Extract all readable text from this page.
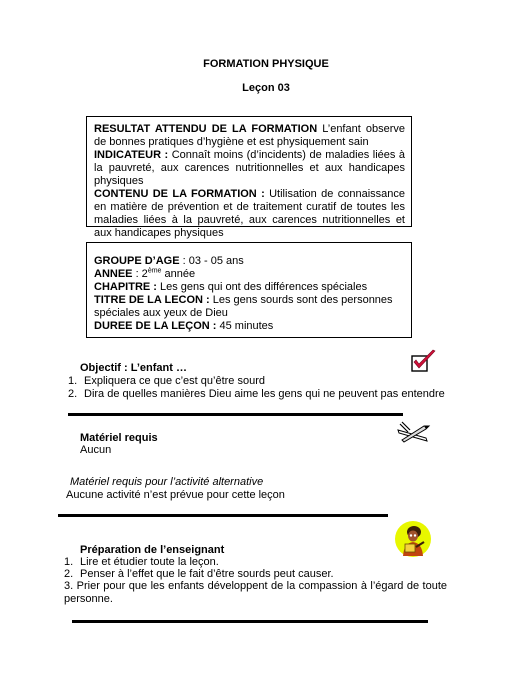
FORMATION PHYSIQUE
Leçon 03
RESULTAT ATTENDU DE LA FORMATION L’enfant observe de bonnes pratiques d’hygiène et est physiquement sain
INDICATEUR : Connaît moins (d’incidents) de maladies liées à la pauvreté, aux carences nutritionnelles et aux handicapes physiques
CONTENU DE LA FORMATION : Utilisation de connaissance en matière de prévention et de traitement curatif de toutes les maladies liées à la pauvreté, aux carences nutritionnelles et aux handicapes physiques
GROUPE D’AGE : 03 - 05 ans
ANNEE : 2ème année
CHAPITRE : Les gens qui ont des différences spéciales
TITRE DE LA LECON : Les gens sourds sont des personnes spéciales aux yeux de Dieu
DUREE DE LA LEÇON : 45 minutes
Objectif : L’enfant …
1. Expliquera ce que c’est qu’être sourd
2. Dira de quelles manières Dieu aime les gens qui ne peuvent pas entendre
Matériel requis
Aucun
Matériel requis pour l’activité alternative
Aucune activité n’est prévue pour cette leçon
Préparation de l’enseignant
1. Lire et étudier toute la leçon.
2. Penser à l’effet que le fait d’être sourds peut causer.
3. Prier pour que les enfants développent de la compassion à l’égard de toute personne.
